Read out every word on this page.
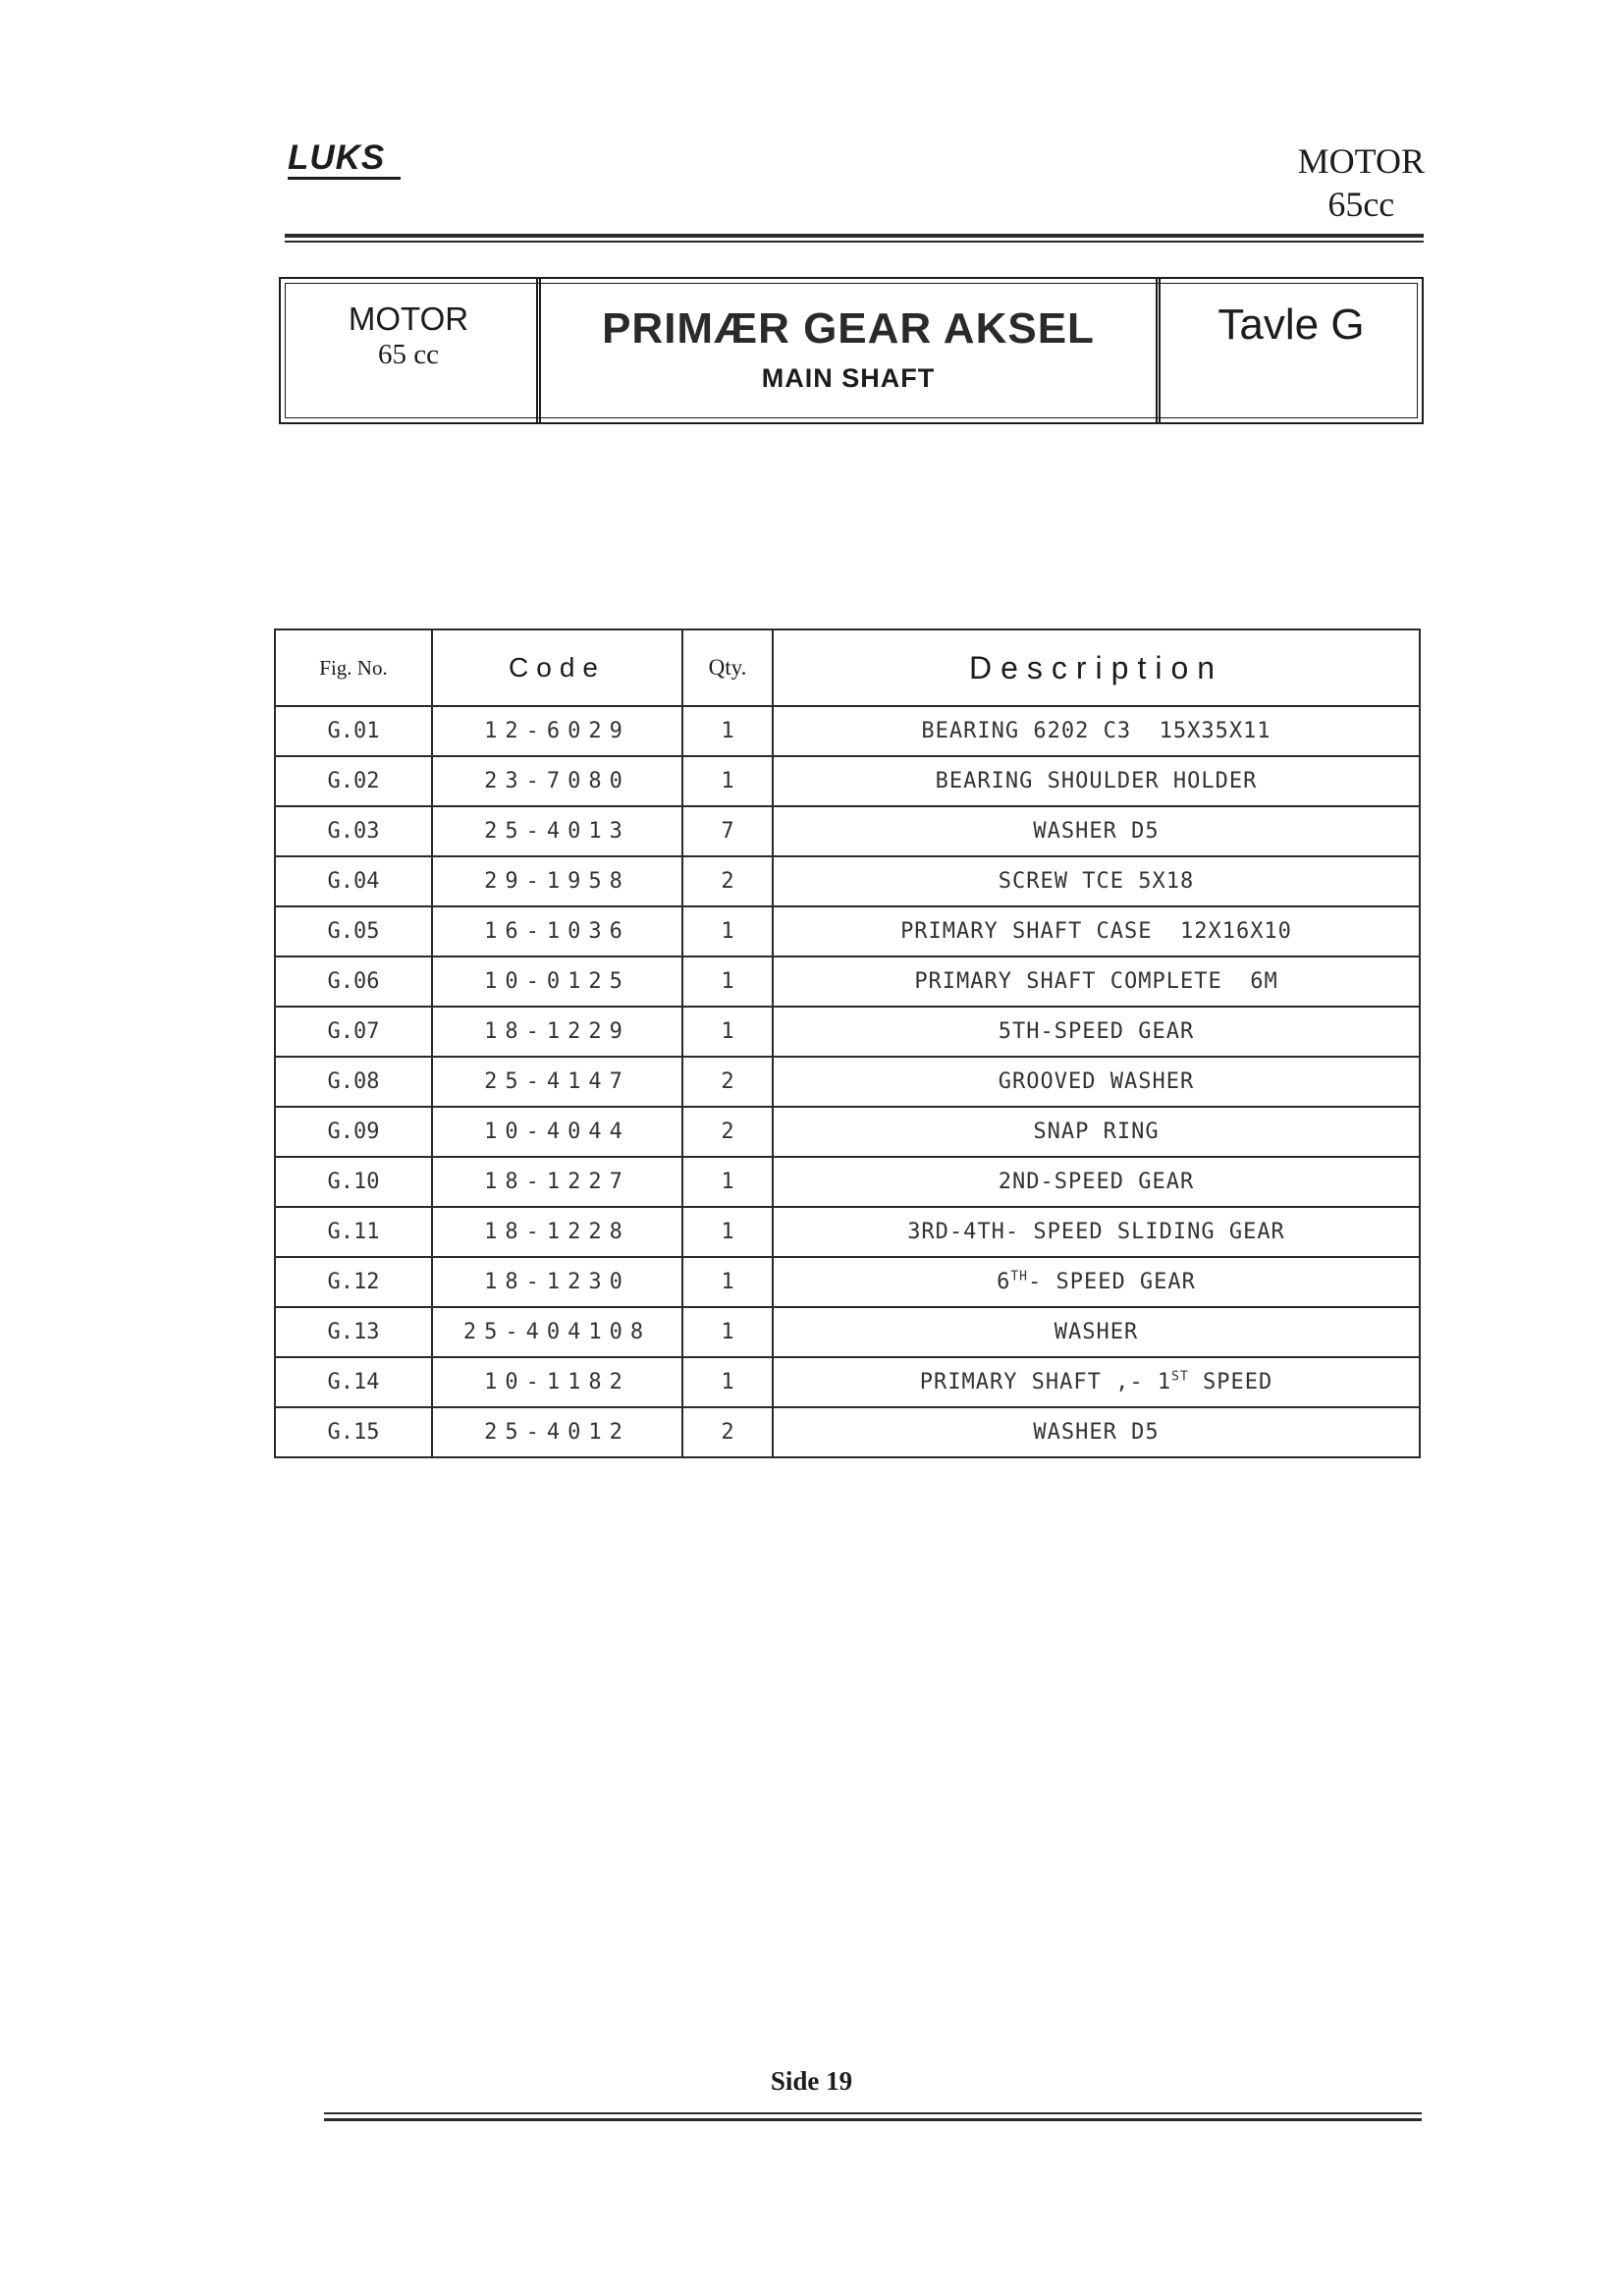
LUKS	MOTOR
65cc
MOTOR
65 cc
PRIMÆR GEAR AKSEL
MAIN SHAFT
Tavle G
Fig. No.	Code	Qty.	Description
G.01	12-6029	1	BEARING 6202 C3  15X35X11
G.02	23-7080	1	BEARING SHOULDER HOLDER
G.03	25-4013	7	WASHER D5
G.04	29-1958	2	SCREW TCE 5X18
G.05	16-1036	1	PRIMARY SHAFT CASE  12X16X10
G.06	10-0125	1	PRIMARY SHAFT COMPLETE  6M
G.07	18-1229	1	5TH-SPEED GEAR
G.08	25-4147	2	GROOVED WASHER
G.09	10-4044	2	SNAP RING
G.10	18-1227	1	2ND-SPEED GEAR
G.11	18-1228	1	3RD-4TH- SPEED SLIDING GEAR
G.12	18-1230	1	6TH- SPEED GEAR
G.13	25-404108	1	WASHER
G.14	10-1182	1	PRIMARY SHAFT ,- 1ST SPEED
G.15	25-4012	2	WASHER D5
Side 19
